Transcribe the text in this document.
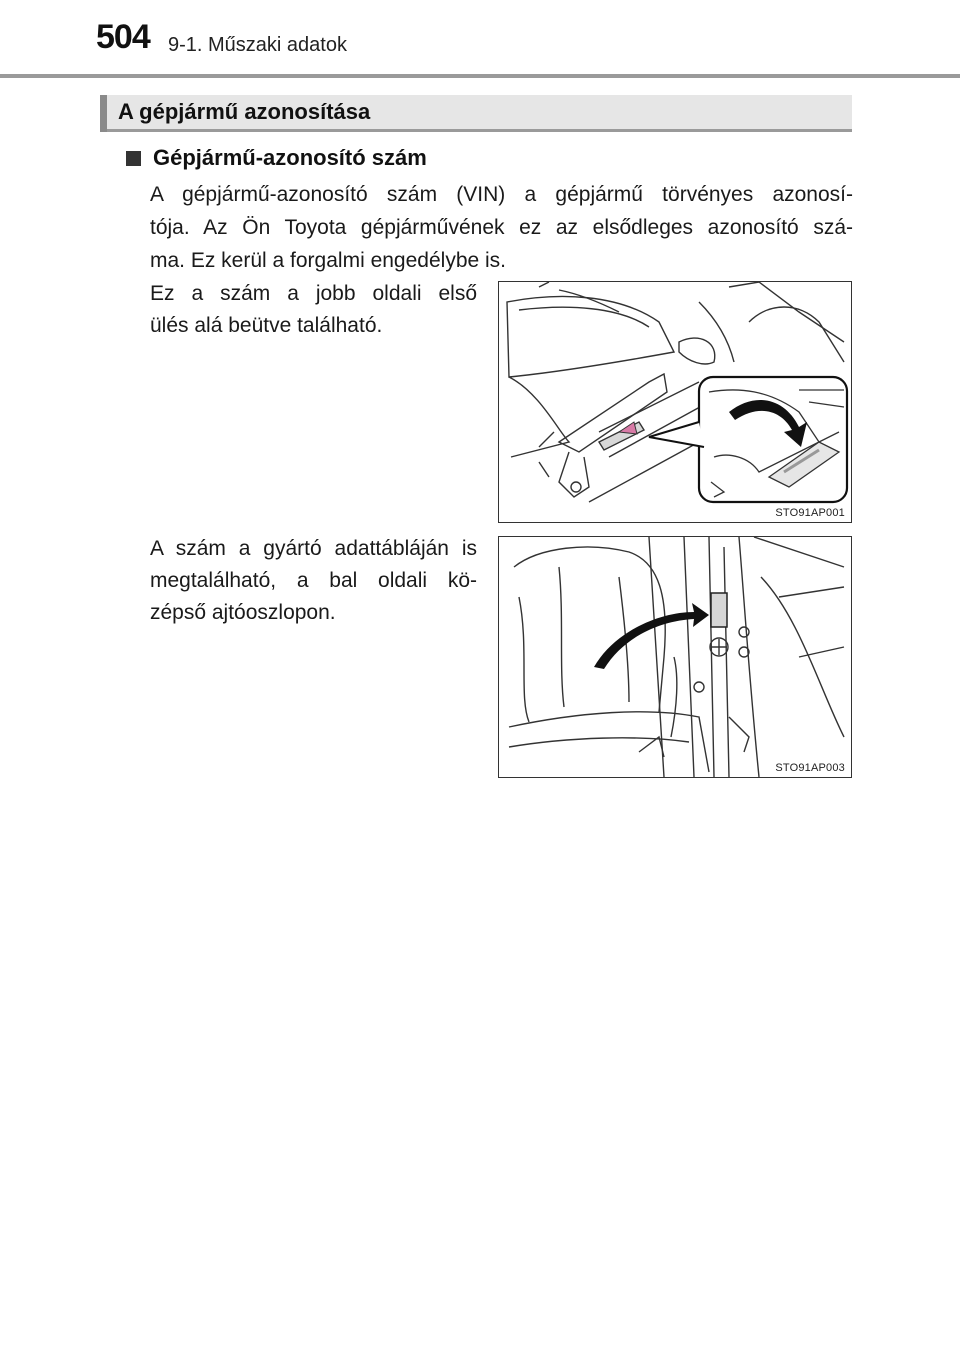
504 9-1. Műszaki adatok
A gépjármű azonosítása
Gépjármű-azonosító szám
A gépjármű-azonosító szám (VIN) a gépjármű törvényes azonosí-
tója. Az Ön Toyota gépjárművének ez az elsődleges azonosító szá-
ma. Ez kerül a forgalmi engedélybe is.
Ez a szám a jobb oldali első
ülés alá beütve található.
STO91AP001
A szám a gyártó adattábláján is
megtalálható, a bal oldali kö-
zépső ajtóoszlopon.
STO91AP003
